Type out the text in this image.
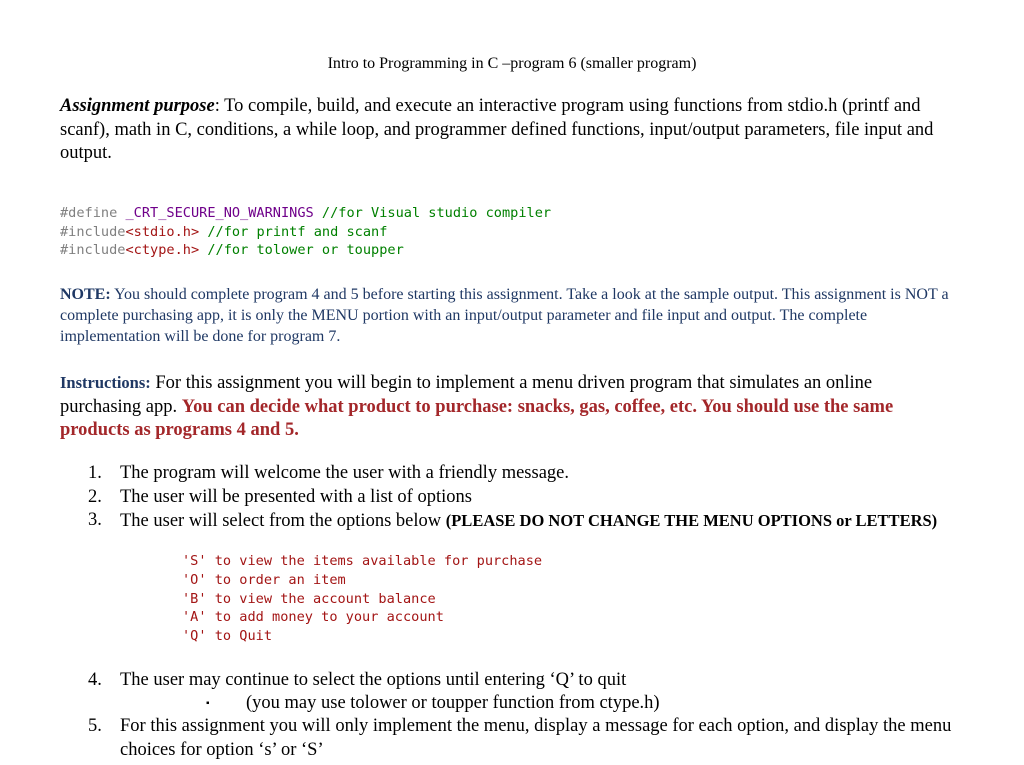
Intro to Programming in C –program 6 (smaller program)
Assignment purpose: To compile, build, and execute an interactive program using functions from stdio.h (printf and scanf), math in C, conditions, a while loop, and programmer defined functions, input/output parameters, file input and output.
#define _CRT_SECURE_NO_WARNINGS //for Visual studio compiler
#include<stdio.h> //for printf and scanf
#include<ctype.h> //for tolower or toupper
NOTE: You should complete program 4 and 5 before starting this assignment. Take a look at the sample output. This assignment is NOT a complete purchasing app, it is only the MENU portion with an input/output parameter and file input and output. The complete implementation will be done for program 7.
Instructions: For this assignment you will begin to implement a menu driven program that simulates an online purchasing app. You can decide what product to purchase: snacks, gas, coffee, etc. You should use the same products as programs 4 and 5.
1. The program will welcome the user with a friendly message.
2. The user will be presented with a list of options
3. The user will select from the options below (PLEASE DO NOT CHANGE THE MENU OPTIONS or LETTERS)
'S' to view the items available for purchase
'O' to order an item
'B' to view the account balance
'A' to add money to your account
'Q' to Quit
4. The user may continue to select the options until entering ‘Q’ to quit
▪	(you may use tolower or toupper function from ctype.h)
5. For this assignment you will only implement the menu, display a message for each option, and display the menu choices for option ‘s’ or ‘S’
